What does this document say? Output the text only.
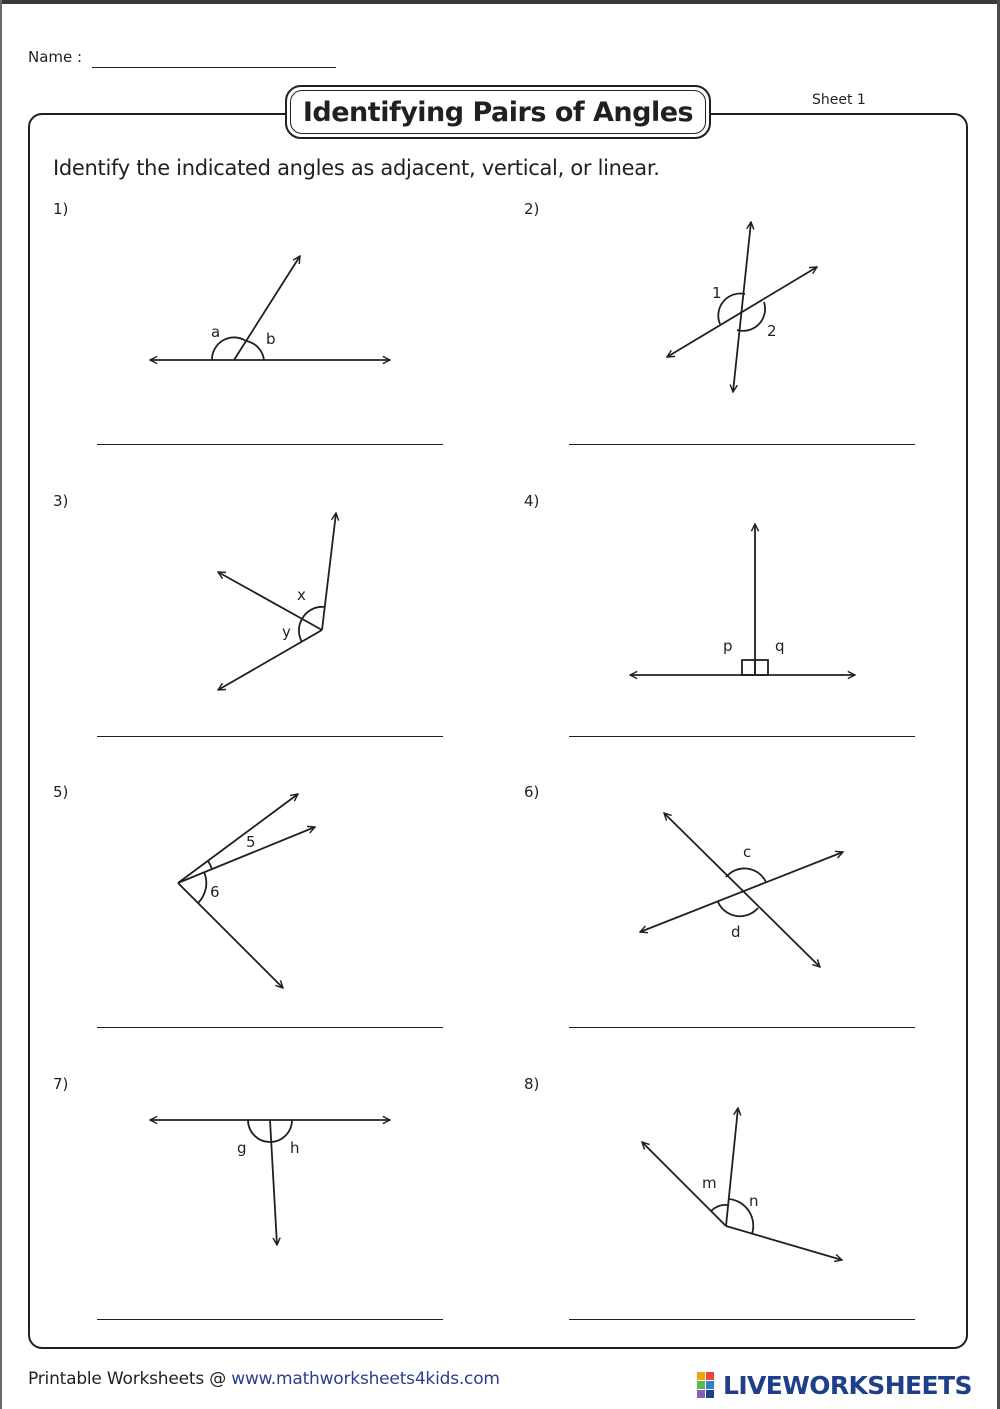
Name :
Identifying Pairs of Angles	Sheet 1
Identify the indicated angles as adjacent, vertical, or linear.
1)	2)
3)	4)
5)	6)
7)	8)
a	b
1
2
x
y
p	q
5
6
c
d
g	h
m
n
Printable Worksheets @ www.mathworksheets4kids.com	LIVEWORKSHEETS
